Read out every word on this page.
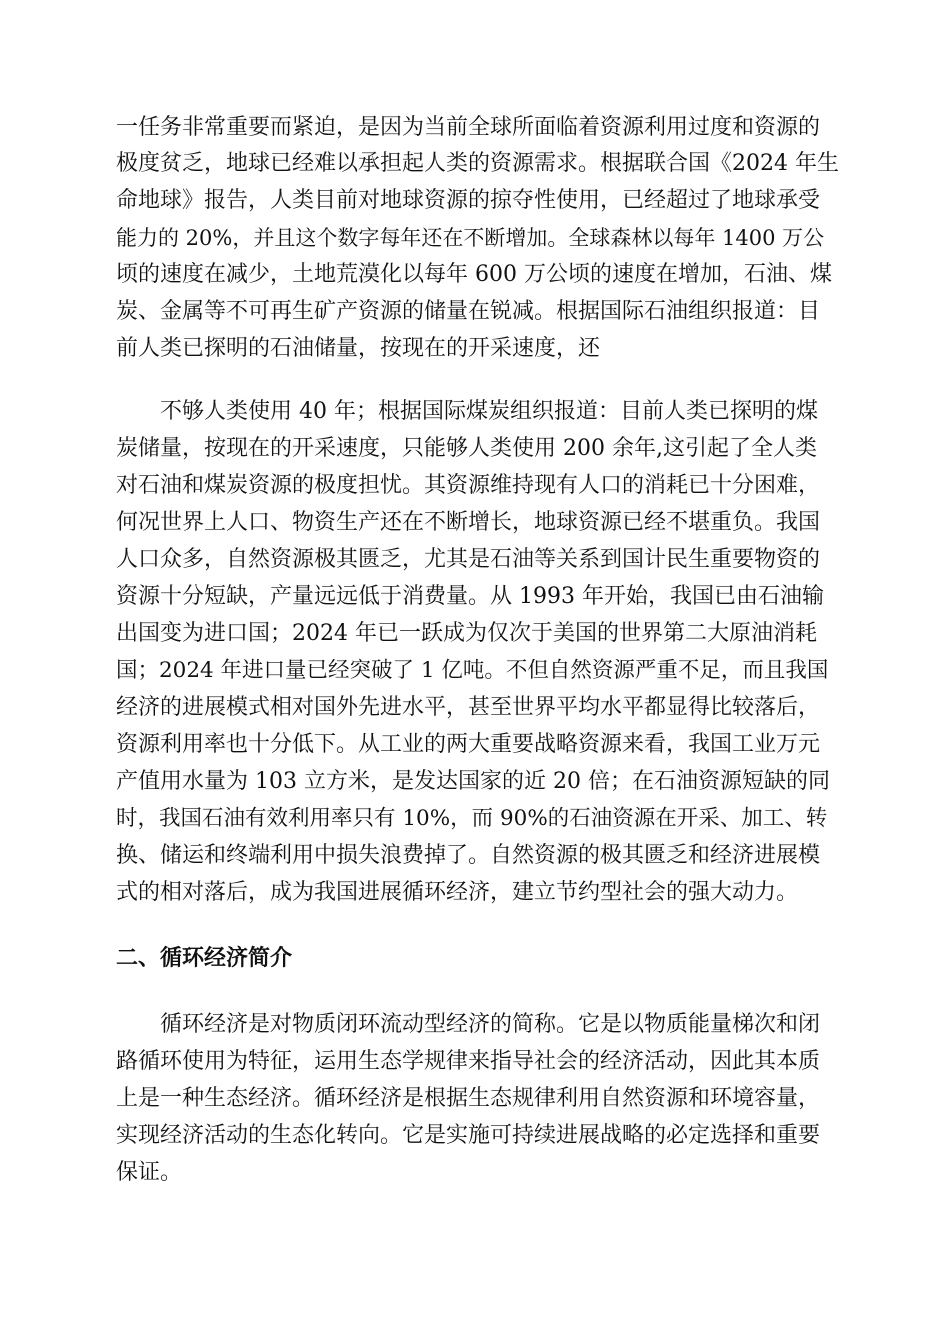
一任务非常重要而紧迫，是因为当前全球所面临着资源利用过度和资源的
极度贫乏，地球已经难以承担起人类的资源需求。根据联合国《2024 年生
命地球》报告，人类目前对地球资源的掠夺性使用，已经超过了地球承受
能力的 20%，并且这个数字每年还在不断增加。全球森林以每年 1400 万公
顷的速度在减少，土地荒漠化以每年 600 万公顷的速度在增加，石油、煤
炭、金属等不可再生矿产资源的储量在锐减。根据国际石油组织报道：目
前人类已探明的石油储量，按现在的开采速度，还
不够人类使用 40 年；根据国际煤炭组织报道：目前人类已探明的煤
炭储量，按现在的开采速度，只能够人类使用 200 余年,这引起了全人类
对石油和煤炭资源的极度担忧。其资源维持现有人口的消耗已十分困难，
何况世界上人口、物资生产还在不断增长，地球资源已经不堪重负。我国
人口众多，自然资源极其匮乏，尤其是石油等关系到国计民生重要物资的
资源十分短缺，产量远远低于消费量。从 1993 年开始，我国已由石油输
出国变为进口国；2024 年已一跃成为仅次于美国的世界第二大原油消耗
国；2024 年进口量已经突破了 1 亿吨。不但自然资源严重不足，而且我国
经济的进展模式相对国外先进水平，甚至世界平均水平都显得比较落后，
资源利用率也十分低下。从工业的两大重要战略资源来看，我国工业万元
产值用水量为 103 立方米，是发达国家的近 20 倍；在石油资源短缺的同
时，我国石油有效利用率只有 10%，而 90%的石油资源在开采、加工、转
换、储运和终端利用中损失浪费掉了。自然资源的极其匮乏和经济进展模
式的相对落后，成为我国进展循环经济，建立节约型社会的强大动力。
二、循环经济简介
循环经济是对物质闭环流动型经济的简称。它是以物质能量梯次和闭
路循环使用为特征，运用生态学规律来指导社会的经济活动，因此其本质
上是一种生态经济。循环经济是根据生态规律利用自然资源和环境容量，
实现经济活动的生态化转向。它是实施可持续进展战略的必定选择和重要
保证。
